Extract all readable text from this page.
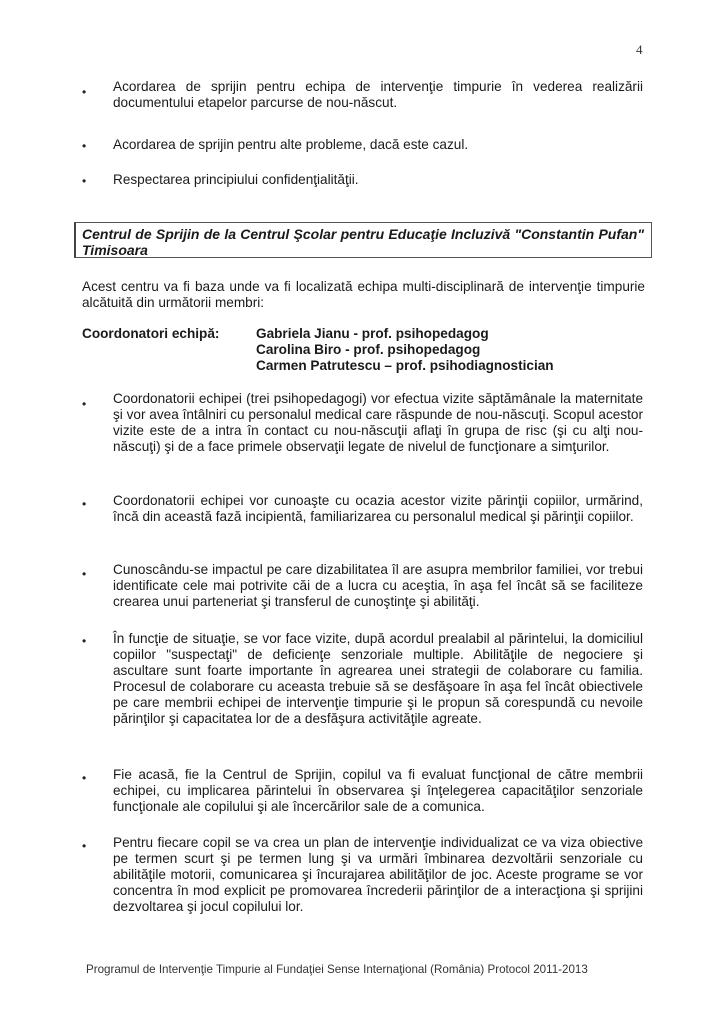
4
•
Acordarea de sprijin pentru echipa de intervenţie timpurie în vederea realizării documentului etapelor parcurse de nou-născut.
•
Acordarea de sprijin pentru alte probleme, dacă este cazul.
•
Respectarea principiului confidenţialităţii.
Centrul de Sprijin de la Centrul Şcolar pentru Educaţie Incluzivă "Constantin Pufan" Timisoara
Acest centru va fi baza unde va fi localizată echipa multi-disciplinară de intervenţie timpurie alcătuită din următorii membri:
Coordonatori echipă:	Gabriela Jianu - prof. psihopedagog
Carolina Biro - prof. psihopedagog
Carmen Patrutescu – prof. psihodiagnostician
•
Coordonatorii echipei (trei psihopedagogi) vor efectua vizite săptămânale la maternitate şi vor avea întâlniri cu personalul medical care răspunde de nou-născuţi. Scopul acestor vizite este de a intra în contact cu nou-născuţii aflaţi în grupa de risc (şi cu alţi nou-născuţi) şi de a face primele observaţii legate de nivelul de funcţionare a simţurilor.
•
Coordonatorii echipei vor cunoaşte cu ocazia acestor vizite părinţii copiilor, urmărind, încă din această fază incipientă, familiarizarea cu personalul medical şi părinţii copiilor.
•
Cunoscându-se impactul pe care dizabilitatea îl are asupra membrilor familiei, vor trebui identificate cele mai potrivite căi de a lucra cu aceştia, în aşa fel încât să se faciliteze crearea unui parteneriat şi transferul de cunoştinţe şi abilităţi.
•
În funcţie de situaţie, se vor face vizite, după acordul prealabil al părintelui, la domiciliul copiilor "suspectaţi" de deficienţe senzoriale multiple. Abilităţile de negociere şi ascultare sunt foarte importante în agrearea unei strategii de colaborare cu familia. Procesul de colaborare cu aceasta trebuie să se desfăşoare în aşa fel încât obiectivele pe care membrii echipei de intervenţie timpurie şi le propun să corespundă cu nevoile părinţilor şi capacitatea lor de a desfăşura activităţile agreate.
•
Fie acasă, fie la Centrul de Sprijin, copilul va fi evaluat funcţional de către membrii echipei, cu implicarea părintelui în observarea şi înţelegerea capacităţilor senzoriale funcţionale ale copilului şi ale încercărilor sale de a comunica.
•
Pentru fiecare copil se va crea un plan de intervenţie individualizat ce va viza obiective pe termen scurt şi pe termen lung şi va urmări îmbinarea dezvoltării senzoriale cu abilităţile motorii, comunicarea şi încurajarea abilităţilor de joc. Aceste programe se vor concentra în mod explicit pe promovarea încrederii părinţilor de a interacţiona şi sprijini dezvoltarea şi jocul copilului lor.
Programul de Intervenţie Timpurie al Fundaţiei Sense Internaţional (România) Protocol 2011-2013
